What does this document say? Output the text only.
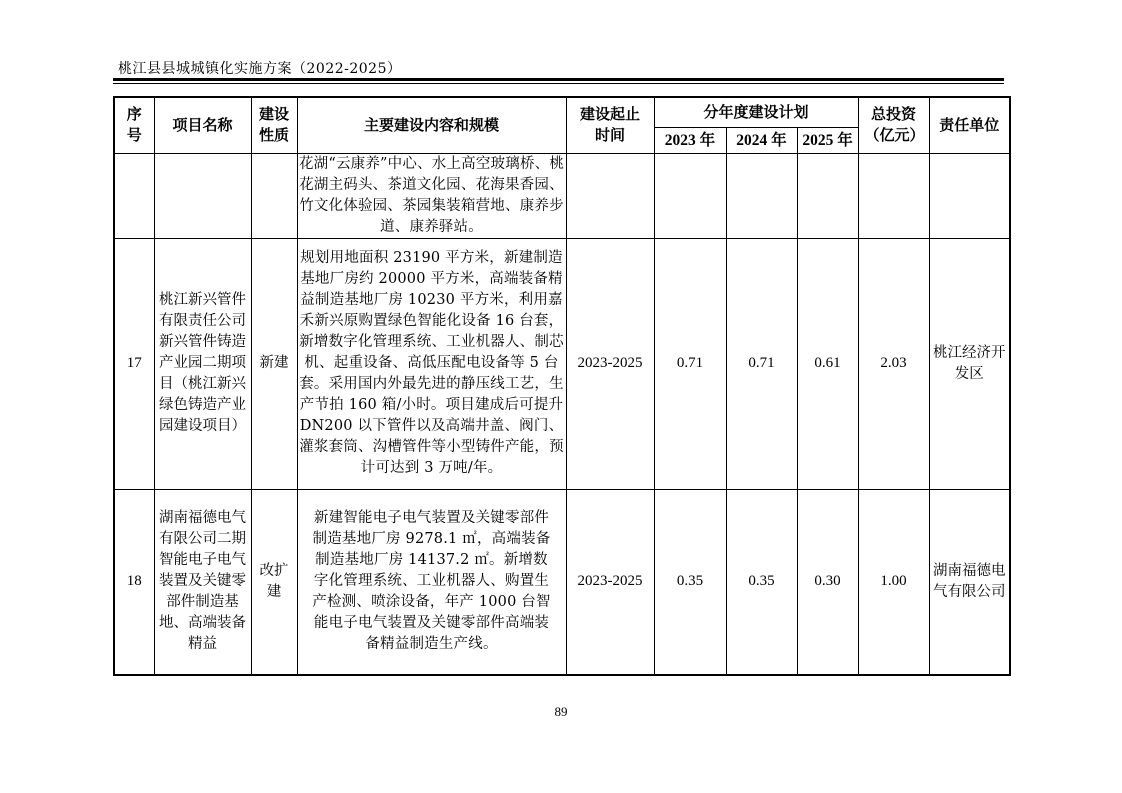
桃江县县城城镇化实施方案（2022-2025）
序号	项目名称	建设性质	主要建设内容和规模	建设起止时间	分年度建设计划			总投资（亿元）	责任单位
					2023 年	2024 年	2025 年		
			花湖“云康养”中心、水上高空玻璃桥、桃花湖主码头、茶道文化园、花海果香园、竹文化体验园、茶园集装箱营地、康养步道、康养驿站。						
17	桃江新兴管件有限责任公司新兴管件铸造产业园二期项目（桃江新兴绿色铸造产业园建设项目）	新建	规划用地面积 23190 平方米，新建制造基地厂房约 20000 平方米，高端装备精益制造基地厂房 10230 平方米，利用嘉禾新兴原购置绿色智能化设备 16 台套，新增数字化管理系统、工业机器人、制芯机、起重设备、高低压配电设备等 5 台套。采用国内外最先进的静压线工艺，生产节拍 160 箱/小时。项目建成后可提升 DN200 以下管件以及高端井盖、阀门、灌浆套筒、沟槽管件等小型铸件产能，预计可达到 3 万吨/年。	2023-2025	0.71	0.71	0.61	2.03	桃江经济开发区
18	湖南福德电气有限公司二期智能电子电气装置及关键零部件制造基地、高端装备精益	改扩建	新建智能电子电气装置及关键零部件制造基地厂房 9278.1 ㎡，高端装备制造基地厂房 14137.2 ㎡。新增数字化管理系统、工业机器人、购置生产检测、喷涂设备，年产 1000 台智能电子电气装置及关键零部件高端装备精益制造生产线。	2023-2025	0.35	0.35	0.30	1.00	湖南福德电气有限公司
89
